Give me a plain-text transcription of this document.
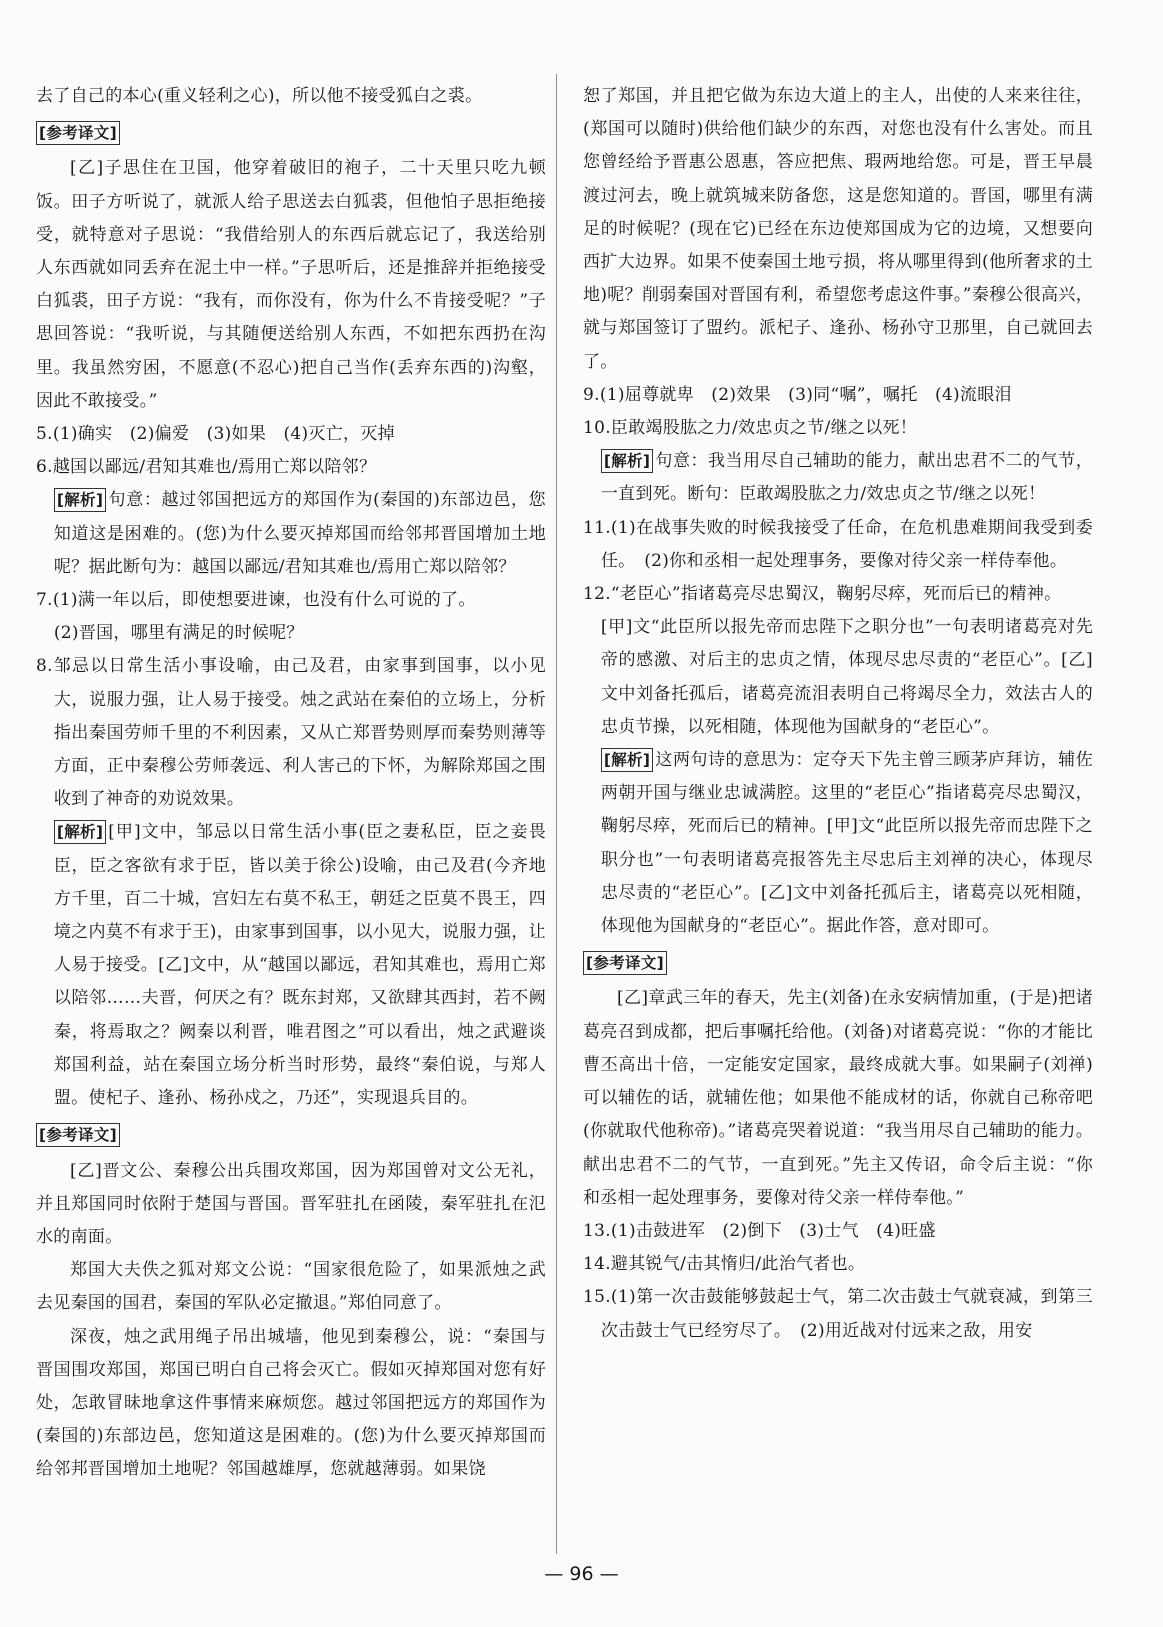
去了自己的本心(重义轻利之心)，所以他不接受狐白之裘。

[参考译文]

[乙]子思住在卫国，他穿着破旧的袍子，二十天里只吃九顿饭。田子方听说了，就派人给子思送去白狐裘，但他怕子思拒绝接受，就特意对子思说：“我借给别人的东西后就忘记了，我送给别人东西就如同丢弃在泥土中一样。”子思听后，还是推辞并拒绝接受白狐裘，田子方说：“我有，而你没有，你为什么不肯接受呢？”子思回答说：“我听说，与其随便送给别人东西，不如把东西扔在沟里。我虽然穷困，不愿意(不忍心)把自己当作(丢弃东西的)沟壑，因此不敢接受。”

5.(1)确实　(2)偏爱　(3)如果　(4)灭亡，灭掉

6.越国以鄙远/君知其难也/焉用亡郑以陪邻？

[解析] 句意：越过邻国把远方的郑国作为(秦国的)东部边邑，您知道这是困难的。(您)为什么要灭掉郑国而给邻邦晋国增加土地呢？据此断句为：越国以鄙远/君知其难也/焉用亡郑以陪邻？

7.(1)满一年以后，即使想要进谏，也没有什么可说的了。

(2)晋国，哪里有满足的时候呢？

8.邹忌以日常生活小事设喻，由己及君，由家事到国事，以小见大，说服力强，让人易于接受。烛之武站在秦伯的立场上，分析指出秦国劳师千里的不利因素，又从亡郑晋势则厚而秦势则薄等方面，正中秦穆公劳师袭远、利人害己的下怀，为解除郑国之围收到了神奇的劝说效果。

[解析] [甲]文中，邹忌以日常生活小事(臣之妻私臣，臣之妾畏臣，臣之客欲有求于臣，皆以美于徐公)设喻，由己及君(今齐地方千里，百二十城，宫妇左右莫不私王，朝廷之臣莫不畏王，四境之内莫不有求于王)，由家事到国事，以小见大，说服力强，让人易于接受。[乙]文中，从“越国以鄙远，君知其难也，焉用亡郑以陪邻……夫晋，何厌之有？既东封郑，又欲肆其西封，若不阙秦，将焉取之？阙秦以利晋，唯君图之”可以看出，烛之武避谈郑国利益，站在秦国立场分析当时形势，最终“秦伯说，与郑人盟。使杞子、逢孙、杨孙戍之，乃还”，实现退兵目的。

[参考译文]

[乙]晋文公、秦穆公出兵围攻郑国，因为郑国曾对文公无礼，并且郑国同时依附于楚国与晋国。晋军驻扎在函陵，秦军驻扎在氾水的南面。

郑国大夫佚之狐对郑文公说：“国家很危险了，如果派烛之武去见秦国的国君，秦国的军队必定撤退。”郑伯同意了。

深夜，烛之武用绳子吊出城墙，他见到秦穆公，说：“秦国与晋国围攻郑国，郑国已明白自己将会灭亡。假如灭掉郑国对您有好处，怎敢冒昧地拿这件事情来麻烦您。越过邻国把远方的郑国作为(秦国的)东部边邑，您知道这是困难的。(您)为什么要灭掉郑国而给邻邦晋国增加土地呢？邻国越雄厚，您就越薄弱。如果饶

恕了郑国，并且把它做为东边大道上的主人，出使的人来来往往，(郑国可以随时)供给他们缺少的东西，对您也没有什么害处。而且您曾经给予晋惠公恩惠，答应把焦、瑕两地给您。可是，晋王早晨渡过河去，晚上就筑城来防备您，这是您知道的。晋国，哪里有满足的时候呢？(现在它)已经在东边使郑国成为它的边境，又想要向西扩大边界。如果不使秦国土地亏损，将从哪里得到(他所奢求的土地)呢？削弱秦国对晋国有利，希望您考虑这件事。”秦穆公很高兴，就与郑国签订了盟约。派杞子、逢孙、杨孙守卫那里，自己就回去了。

9.(1)屈尊就卑　(2)效果　(3)同“嘱”，嘱托　(4)流眼泪

10.臣敢竭股肱之力/效忠贞之节/继之以死！

[解析] 句意：我当用尽自己辅助的能力，献出忠君不二的气节，一直到死。断句：臣敢竭股肱之力/效忠贞之节/继之以死！

11.(1)在战事失败的时候我接受了任命，在危机患难期间我受到委任。　(2)你和丞相一起处理事务，要像对待父亲一样侍奉他。

12.“老臣心”指诸葛亮尽忠蜀汉，鞠躬尽瘁，死而后已的精神。

[甲]文“此臣所以报先帝而忠陛下之职分也”一句表明诸葛亮对先帝的感激、对后主的忠贞之情，体现尽忠尽责的“老臣心”。[乙]文中刘备托孤后，诸葛亮流泪表明自己将竭尽全力，效法古人的忠贞节操，以死相随，体现他为国献身的“老臣心”。

[解析] 这两句诗的意思为：定夺天下先主曾三顾茅庐拜访，辅佐两朝开国与继业忠诚满腔。这里的“老臣心”指诸葛亮尽忠蜀汉，鞠躬尽瘁，死而后已的精神。[甲]文“此臣所以报先帝而忠陛下之职分也”一句表明诸葛亮报答先主尽忠后主刘禅的决心，体现尽忠尽责的“老臣心”。[乙]文中刘备托孤后主，诸葛亮以死相随，体现他为国献身的“老臣心”。据此作答，意对即可。

[参考译文]

[乙]章武三年的春天，先主(刘备)在永安病情加重，(于是)把诸葛亮召到成都，把后事嘱托给他。(刘备)对诸葛亮说：“你的才能比曹丕高出十倍，一定能安定国家，最终成就大事。如果嗣子(刘禅)可以辅佐的话，就辅佐他；如果他不能成材的话，你就自己称帝吧(你就取代他称帝)。”诸葛亮哭着说道：“我当用尽自己辅助的能力。献出忠君不二的气节，一直到死。”先主又传诏，命令后主说：“你和丞相一起处理事务，要像对待父亲一样侍奉他。”

13.(1)击鼓进军　(2)倒下　(3)士气　(4)旺盛

14.避其锐气/击其惰归/此治气者也。

15.(1)第一次击鼓能够鼓起士气，第二次击鼓士气就衰减，到第三次击鼓士气已经穷尽了。　(2)用近战对付远来之敌，用安

— 96 —
